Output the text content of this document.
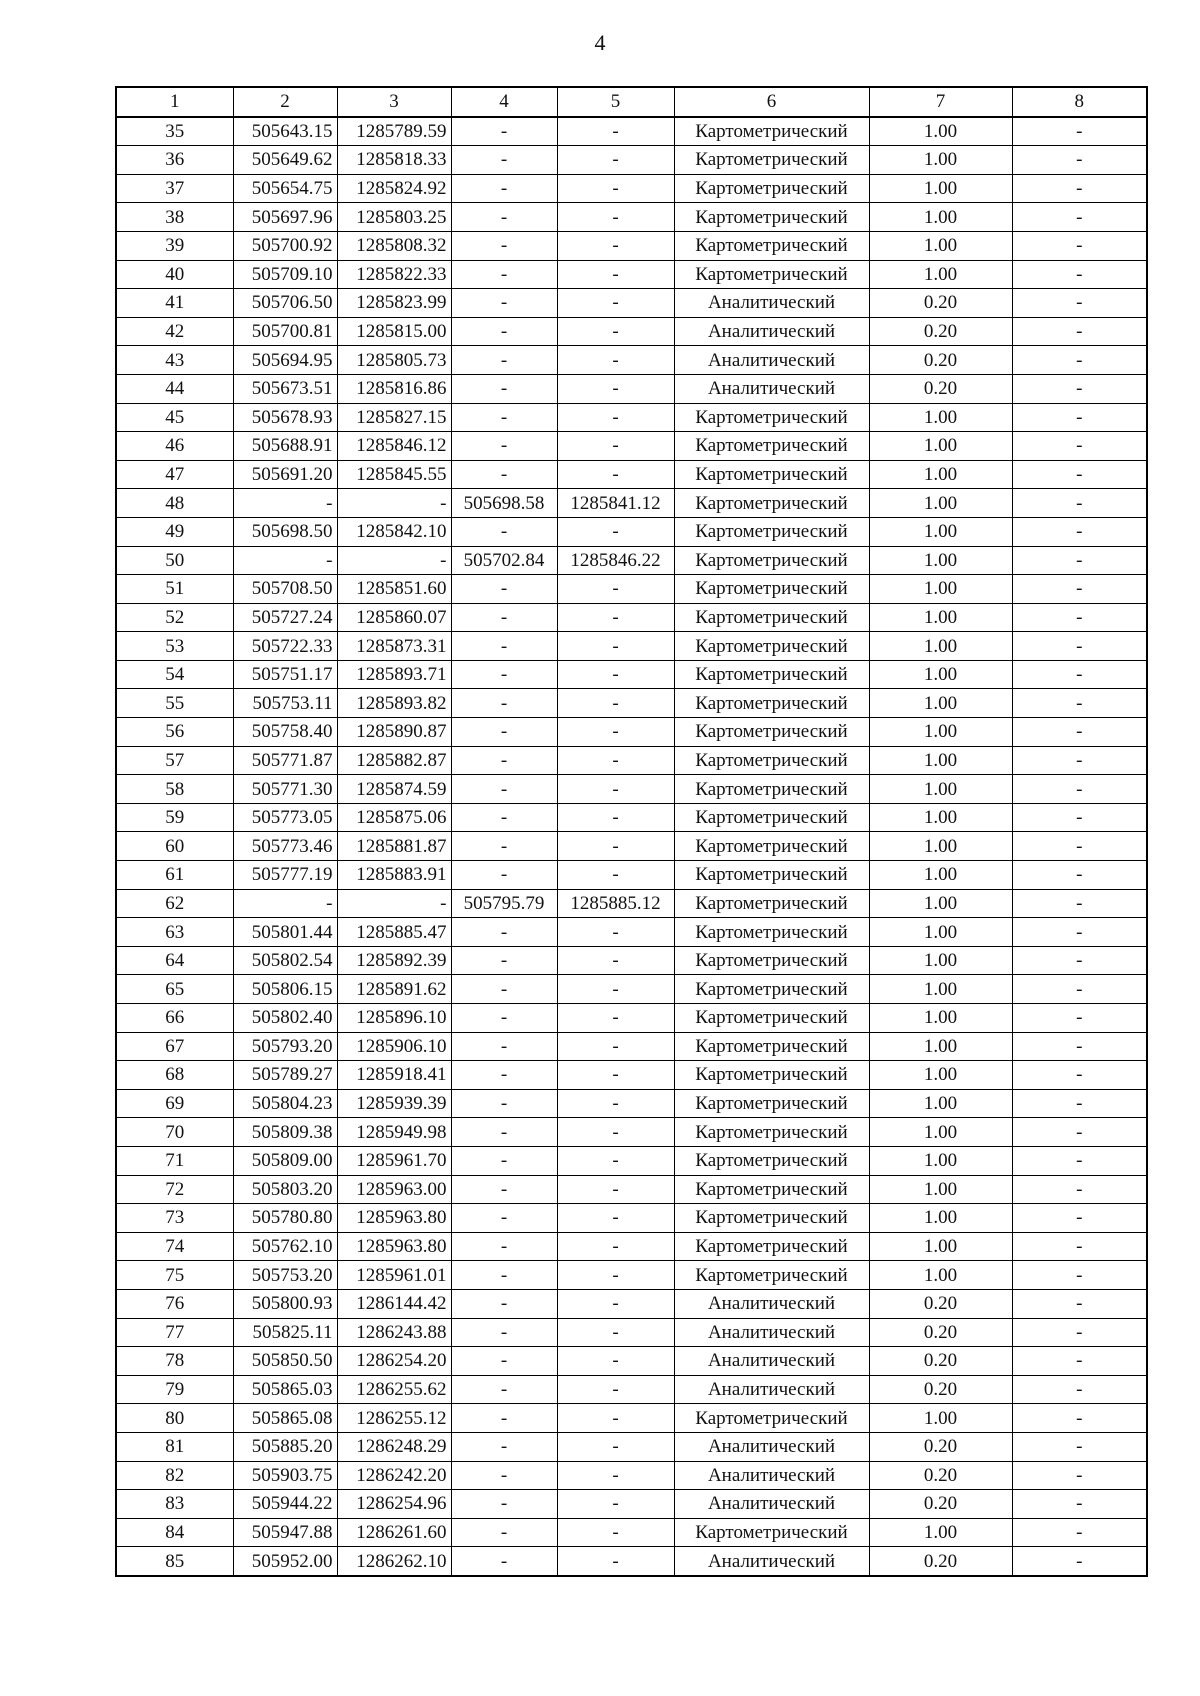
4
1	2	3	4	5	6	7	8
35	505643.15	1285789.59	-	-	Картометрический	1.00	-
36	505649.62	1285818.33	-	-	Картометрический	1.00	-
37	505654.75	1285824.92	-	-	Картометрический	1.00	-
38	505697.96	1285803.25	-	-	Картометрический	1.00	-
39	505700.92	1285808.32	-	-	Картометрический	1.00	-
40	505709.10	1285822.33	-	-	Картометрический	1.00	-
41	505706.50	1285823.99	-	-	Аналитический	0.20	-
42	505700.81	1285815.00	-	-	Аналитический	0.20	-
43	505694.95	1285805.73	-	-	Аналитический	0.20	-
44	505673.51	1285816.86	-	-	Аналитический	0.20	-
45	505678.93	1285827.15	-	-	Картометрический	1.00	-
46	505688.91	1285846.12	-	-	Картометрический	1.00	-
47	505691.20	1285845.55	-	-	Картометрический	1.00	-
48	-	-	505698.58	1285841.12	Картометрический	1.00	-
49	505698.50	1285842.10	-	-	Картометрический	1.00	-
50	-	-	505702.84	1285846.22	Картометрический	1.00	-
51	505708.50	1285851.60	-	-	Картометрический	1.00	-
52	505727.24	1285860.07	-	-	Картометрический	1.00	-
53	505722.33	1285873.31	-	-	Картометрический	1.00	-
54	505751.17	1285893.71	-	-	Картометрический	1.00	-
55	505753.11	1285893.82	-	-	Картометрический	1.00	-
56	505758.40	1285890.87	-	-	Картометрический	1.00	-
57	505771.87	1285882.87	-	-	Картометрический	1.00	-
58	505771.30	1285874.59	-	-	Картометрический	1.00	-
59	505773.05	1285875.06	-	-	Картометрический	1.00	-
60	505773.46	1285881.87	-	-	Картометрический	1.00	-
61	505777.19	1285883.91	-	-	Картометрический	1.00	-
62	-	-	505795.79	1285885.12	Картометрический	1.00	-
63	505801.44	1285885.47	-	-	Картометрический	1.00	-
64	505802.54	1285892.39	-	-	Картометрический	1.00	-
65	505806.15	1285891.62	-	-	Картометрический	1.00	-
66	505802.40	1285896.10	-	-	Картометрический	1.00	-
67	505793.20	1285906.10	-	-	Картометрический	1.00	-
68	505789.27	1285918.41	-	-	Картометрический	1.00	-
69	505804.23	1285939.39	-	-	Картометрический	1.00	-
70	505809.38	1285949.98	-	-	Картометрический	1.00	-
71	505809.00	1285961.70	-	-	Картометрический	1.00	-
72	505803.20	1285963.00	-	-	Картометрический	1.00	-
73	505780.80	1285963.80	-	-	Картометрический	1.00	-
74	505762.10	1285963.80	-	-	Картометрический	1.00	-
75	505753.20	1285961.01	-	-	Картометрический	1.00	-
76	505800.93	1286144.42	-	-	Аналитический	0.20	-
77	505825.11	1286243.88	-	-	Аналитический	0.20	-
78	505850.50	1286254.20	-	-	Аналитический	0.20	-
79	505865.03	1286255.62	-	-	Аналитический	0.20	-
80	505865.08	1286255.12	-	-	Картометрический	1.00	-
81	505885.20	1286248.29	-	-	Аналитический	0.20	-
82	505903.75	1286242.20	-	-	Аналитический	0.20	-
83	505944.22	1286254.96	-	-	Аналитический	0.20	-
84	505947.88	1286261.60	-	-	Картометрический	1.00	-
85	505952.00	1286262.10	-	-	Аналитический	0.20	-
